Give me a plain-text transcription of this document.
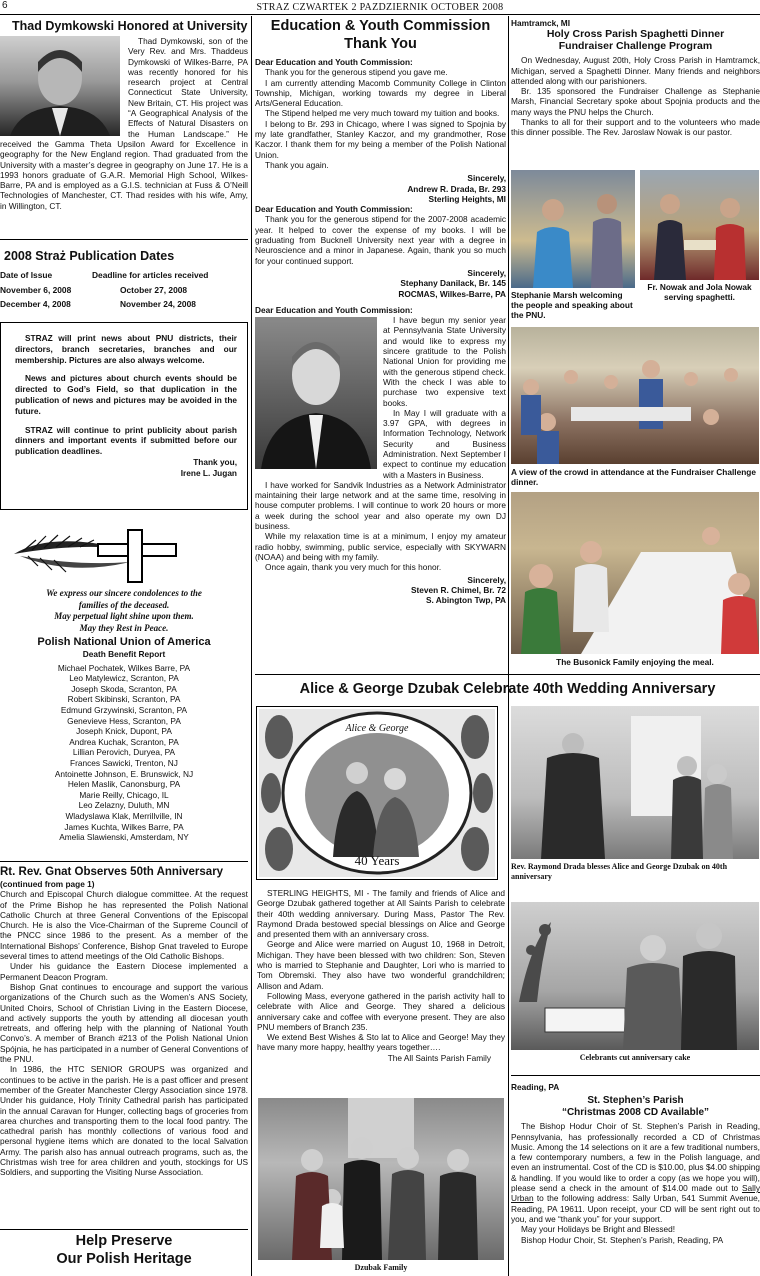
6	STRAZ CZWARTEK 2 PAZDZIERNIK OCTOBER 2008
Thad Dymkowski Honored at University

Thad Dymkowski, son of the Very Rev. and Mrs. Thaddeus Dymkowski of Wilkes-Barre, PA was recently honored for his research project at Central Connecticut State University, New Britain, CT. His project was “A Geographical Analysis of the Effects of Natural Disasters on the Human Landscape.” He received the Gamma Theta Upsilon Award for Excellence in geography for the New England region. Thad graduated from the University with a master’s degree in geography on June 17. He is a 1993 honors graduate of G.A.R. Memorial High School, Wilkes-Barre, PA and is employed as a G.I.S. technician at Fuss & O’Neill Technologies of Manchester, CT. Thad resides with his wife, Amy, in Willington, CT.

2008 Straż Publication Dates
Date of Issue	Deadline for articles received
November 6, 2008	October 27, 2008
December 4, 2008	November 24, 2008

STRAZ will print news about PNU districts, their directors, branch secretaries, branches and our membership. Pictures are also always welcome.

News and pictures about church events should be directed to God’s Field, so that duplication in the publication of news and pictures may be avoided in the future.

STRAZ will continue to print publicity about parish dinners and important events if submitted before our publication deadlines.

Thank you,

Irene L. Jugan

We express our sincere condolences to the

families of the deceased.

May perpetual light shine upon them.

May they Rest in Peace.

Polish National Union of America

Death Benefit Report

Michael Pochatek, Wilkes Barre, PA

Leo Matylewicz, Scranton, PA

Joseph Skoda, Scranton, PA

Robert Skibinski, Scranton, PA

Edmund Grzywinski, Scranton, PA

Genevieve Hess, Scranton, PA

Joseph Knick, Dupont, PA

Andrea Kuchak, Scranton, PA

Lillian Perovich, Duryea, PA

Frances Sawicki, Trenton, NJ

Antoinette Johnson, E. Brunswick, NJ

Helen Maslik, Canonsburg, PA

Marie Reilly, Chicago, IL

Leo Zelazny, Duluth, MN

Wladyslawa Klak, Merrillville, IN

James Kuchta, Wilkes Barre, PA

Amelia Slawienski, Amsterdam, NY

Rt. Rev. Gnat Observes 50th Anniversary

(continued from page 1)

Church and Episcopal Church dialogue committee. At the request of the Prime Bishop he has represented the Polish National Catholic Church at three General Conventions of the Episcopal Church. He is also the Vice-Chairman of the Supreme Council of the PNCC since 1986 to the present. As a member of the International Bishops’ Conference, Bishop Gnat traveled to Europe several times to attend meetings of the Old Catholic Bishops.

Under his guidance the Eastern Diocese implemented a Permanent Deacon Program.

Bishop Gnat continues to encourage and support the various organizations of the Church such as the Women’s ANS Society, United Choirs, School of Christian Living in the Eastern Diocese, and actively supports the youth by attending all diocesan youth retreats, and offering help with the planning of National Youth Convo’s. A member of Branch #213 of the Polish National Union Spójnia, he has participated in a number of General Conventions of the PNU.

In 1986, the HTC SENIOR GROUPS was organized and continues to be active in the parish. He is a past officer and present member of the Greater Manchester Clergy Association since 1978. Under his guidance, Holy Trinity Cathedral parish has participated in the annual Caravan for Hunger, collecting bags of groceries from area churches and transporting them to the local food pantry. The cathedral parish has monthly collections of various food and personal hygiene items which are donated to the local Salvation Army. The parish also has annual outreach programs, such as, the Christmas wish tree for area children and youth, stockings for US Soldiers, and supporting the Visiting Nurse Association.

Help Preserve
Our Polish Heritage
Education & Youth Commission
Thank You

Dear Education and Youth Commission:

Thank you for the generous stipend you gave me.

I am currently attending Macomb Community College in Clinton Township, Michigan, working towards my degree in Liberal Arts/General Education.

The Stipend helped me very much toward my tuition and books.

I belong to Br. 293 in Chicago, where I was signed to Spojnia by my late grandfather, Stanley Kaczor, and my grandmother, Rose Kaczor. I thank them for my being a member of the Polish National Union.

Thank you again.

Sincerely,

Andrew R. Drada, Br. 293

Sterling Heights, MI

Dear Education and Youth Commission:

Thank you for the generous stipend for the 2007-2008 academic year. It helped to cover the expense of my books. I will be graduating from Bucknell University next year with a degree in Neuroscience and a minor in Japanese. Again, thank you so much for your continued support.

Sincerely,

Stephany Danilack, Br. 145

ROCMAS, Wilkes-Barre, PA

Dear Education and Youth Commission:

I have begun my senior year at Pennsylvania State University and would like to express my sincere gratitude to the Polish National Union for providing me with the generous stipend check. With the check I was able to purchase two expensive text books.

In May I will graduate with a 3.97 GPA, with degrees in Information Technology, Network Security and Business Administration. Next September I expect to continue my education with a Masters in Business.

I have worked for Sandvik Industries as a Network Administrator maintaining their large network and at the same time, resolving in house computer problems. I will continue to work 20 hours or more a week during the school year and also operate my own DJ business.

While my relaxation time is at a minimum, I enjoy my amateur radio hobby, swimming, public service, especially with SKYWARN (NOAA) and being with my family.

Once again, thank you very much for this honor.

Sincerely,

Steven R. Chimel, Br. 72

S. Abington Twp, PA

Hamtramck, MI

Holy Cross Parish Spaghetti Dinner
Fundraiser Challenge Program

On Wednesday, August 20th, Holy Cross Parish in Hamtramck, Michigan, served a Spaghetti Dinner. Many friends and neighbors attended along with our parishioners.

Br. 135 sponsored the Fundraiser Challenge as Stephanie Marsh, Financial Secretary spoke about Spojnia products and the many ways the PNU helps the Church.

Thanks to all for their support and to the volunteers who made this dinner possible. The Rev. Jaroslaw Nowak is our pastor.

Stephanie Marsh welcoming the people and speaking about the PNU.
Fr. Nowak and Jola Nowak serving spaghetti.
A view of the crowd in attendance at the Fundraiser Challenge dinner.
The Busonick Family enjoying the meal.
Alice & George Dzubak Celebrate 40th Wedding Anniversary
Alice & George
40 Years

STERLING HEIGHTS, MI - The family and friends of Alice and George Dzubak gathered together at All Saints Parish to celebrate their 40th wedding anniversary. During Mass, Pastor The Rev. Raymond Drada bestowed special blessings on Alice and George and presented them with an anniversary cross.

George and Alice were married on August 10, 1968 in Detroit, Michigan. They have been blessed with two children: Son, Steven who is married to Stephanie and Daughter, Lori who is married to Tom Obremski. They also have two wonderful grandchildren; Allison and Adam.

Following Mass, everyone gathered in the parish activity hall to celebrate with Alice and George. They shared a delicious anniversary cake and coffee with everyone present. They are also PNU members of Branch 235.

We extend Best Wishes & Sto lat to Alice and George! May they have many more happy, healthy years together….

The All Saints Parish Family

Dzubak Family
Rev. Raymond Drada blesses Alice and George Dzubak on 40th anniversary
Celebrants cut anniversary cake

Reading, PA

St. Stephen’s Parish
“Christmas 2008 CD Available”

The Bishop Hodur Choir of St. Stephen’s Parish in Reading, Pennsylvania, has professionally recorded a CD of Christmas Music. Among the 14 selections on it are a few traditional numbers, a few contemporary numbers, a few in the Polish language, and even an instrumental. Cost of the CD is $10.00, plus $4.00 shipping & handling. If you would like to order a copy (as we hope you will), please send a check in the amount of $14.00 made out to Sally Urban to the following address: Sally Urban, 541 Summit Avenue, Reading, PA 19611. Upon receipt, your CD will be sent right out to you, and we “thank you” for your support.

May your Holidays be Bright and Blessed!

Bishop Hodur Choir, St. Stephen’s Parish, Reading, PA
